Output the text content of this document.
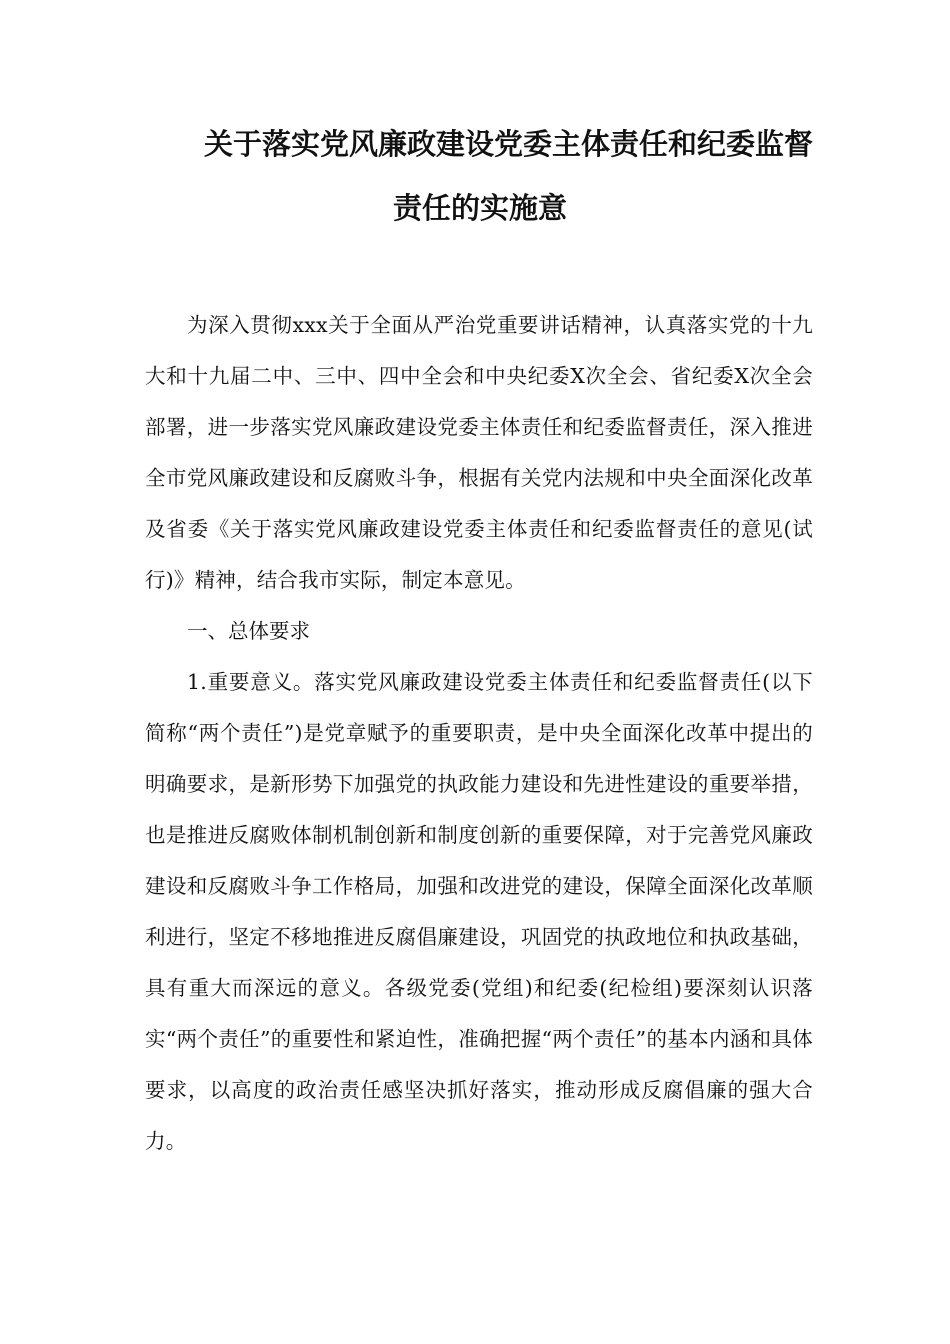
关于落实党风廉政建设党委主体责任和纪委监督
责任的实施意

为深入贯彻xxx关于全面从严治党重要讲话精神，认真落实党的十九大和十九届二中、三中、四中全会和中央纪委X次全会、省纪委X次全会部署，进一步落实党风廉政建设党委主体责任和纪委监督责任，深入推进全市党风廉政建设和反腐败斗争，根据有关党内法规和中央全面深化改革及省委《关于落实党风廉政建设党委主体责任和纪委监督责任的意见(试行)》精神，结合我市实际，制定本意见。

一、总体要求

1.重要意义。落实党风廉政建设党委主体责任和纪委监督责任(以下简称“两个责任”)是党章赋予的重要职责，是中央全面深化改革中提出的明确要求，是新形势下加强党的执政能力建设和先进性建设的重要举措，也是推进反腐败体制机制创新和制度创新的重要保障，对于完善党风廉政建设和反腐败斗争工作格局，加强和改进党的建设，保障全面深化改革顺利进行，坚定不移地推进反腐倡廉建设，巩固党的执政地位和执政基础，具有重大而深远的意义。各级党委(党组)和纪委(纪检组)要深刻认识落实“两个责任”的重要性和紧迫性，准确把握“两个责任”的基本内涵和具体要求，以高度的政治责任感坚决抓好落实，推动形成反腐倡廉的强大合力。
